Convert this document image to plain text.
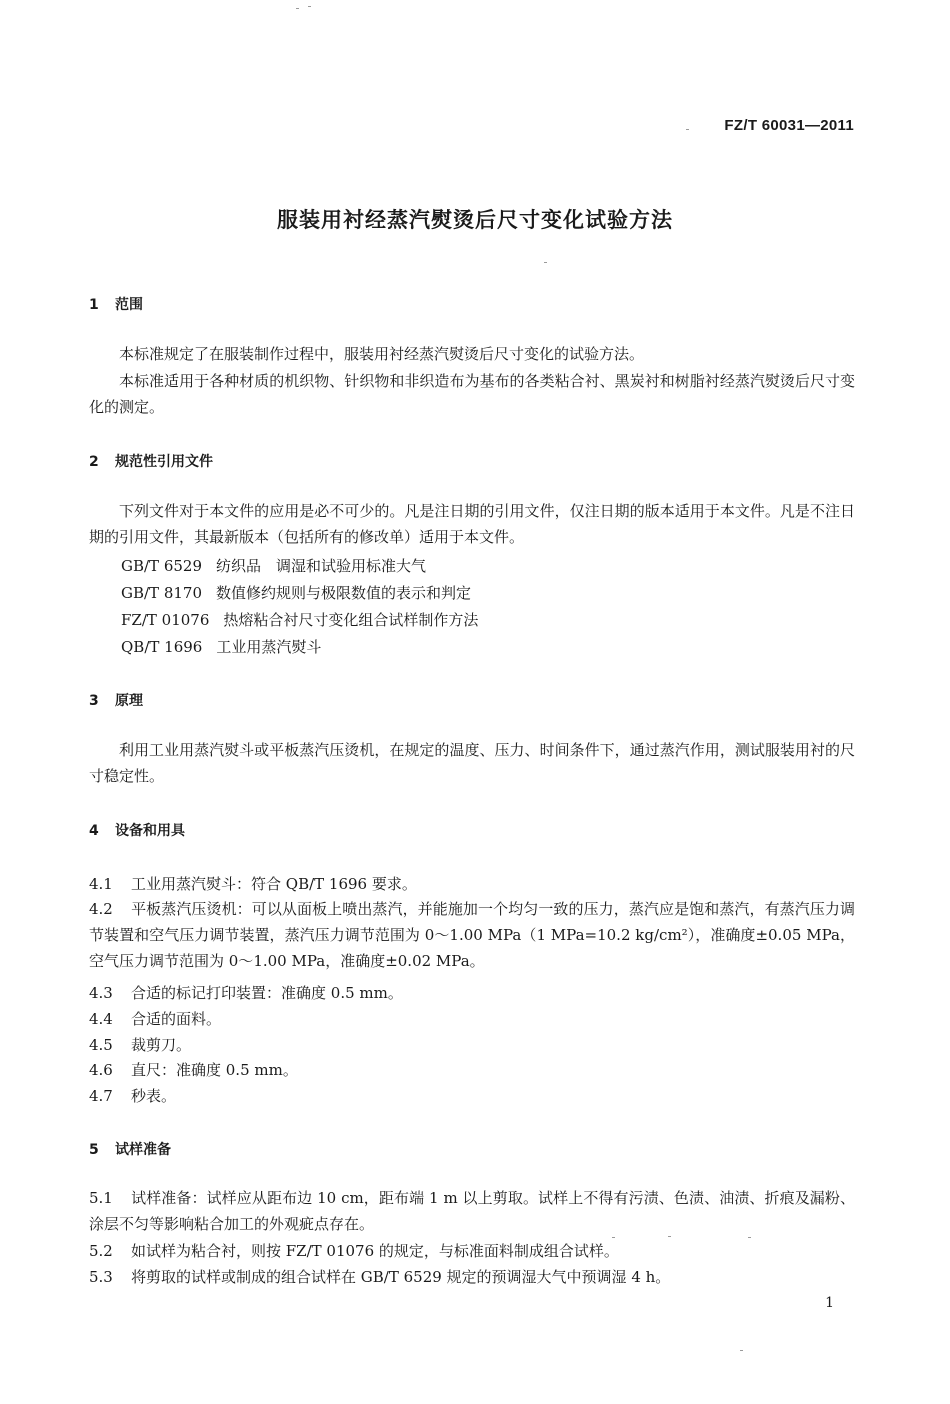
FZ/T 60031—2011
服装用衬经蒸汽熨烫后尺寸变化试验方法
1 范围
本标准规定了在服装制作过程中，服装用衬经蒸汽熨烫后尺寸变化的试验方法。
本标准适用于各种材质的机织物、针织物和非织造布为基布的各类粘合衬、黑炭衬和树脂衬经蒸汽熨烫后尺寸变化的测定。
2 规范性引用文件
下列文件对于本文件的应用是必不可少的。凡是注日期的引用文件，仅注日期的版本适用于本文件。凡是不注日期的引用文件，其最新版本（包括所有的修改单）适用于本文件。
GB/T 6529 纺织品　调湿和试验用标准大气
GB/T 8170 数值修约规则与极限数值的表示和判定
FZ/T 01076 热熔粘合衬尺寸变化组合试样制作方法
QB/T 1696 工业用蒸汽熨斗
3 原理
利用工业用蒸汽熨斗或平板蒸汽压烫机，在规定的温度、压力、时间条件下，通过蒸汽作用，测试服装用衬的尺寸稳定性。
4 设备和用具
4.1 工业用蒸汽熨斗：符合 QB/T 1696 要求。
4.2 平板蒸汽压烫机：可以从面板上喷出蒸汽，并能施加一个均匀一致的压力，蒸汽应是饱和蒸汽，有蒸汽压力调节装置和空气压力调节装置，蒸汽压力调节范围为 0～1.00 MPa（1 MPa=10.2 kg/cm²），准确度±0.05 MPa，空气压力调节范围为 0～1.00 MPa，准确度±0.02 MPa。
4.3 合适的标记打印装置：准确度 0.5 mm。
4.4 合适的面料。
4.5 裁剪刀。
4.6 直尺：准确度 0.5 mm。
4.7 秒表。
5 试样准备
5.1 试样准备：试样应从距布边 10 cm，距布端 1 m 以上剪取。试样上不得有污渍、色渍、油渍、折痕及漏粉、涂层不匀等影响粘合加工的外观疵点存在。
5.2 如试样为粘合衬，则按 FZ/T 01076 的规定，与标准面料制成组合试样。
5.3 将剪取的试样或制成的组合试样在 GB/T 6529 规定的预调湿大气中预调湿 4 h。
1
